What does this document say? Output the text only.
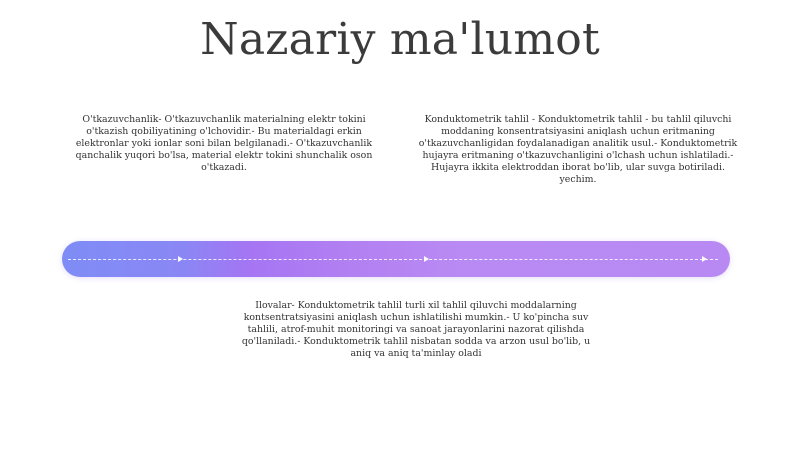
Nazariy ma'lumot
O'tkazuvchanlik- O'tkazuvchanlik materialning elektr tokini o'tkazish qobiliyatining o'lchovidir.- Bu materialdagi erkin elektronlar yoki ionlar soni bilan belgilanadi.- O'tkazuvchanlik qanchalik yuqori bo'lsa, material elektr tokini shunchalik oson o'tkazadi.
Konduktometrik tahlil - Konduktometrik tahlil - bu tahlil qiluvchi moddaning konsentratsiyasini aniqlash uchun eritmaning o'tkazuvchanligidan foydalanadigan analitik usul.- Konduktometrik hujayra eritmaning o'tkazuvchanligini o'lchash uchun ishlatiladi.- Hujayra ikkita elektroddan iborat bo'lib, ular suvga botiriladi. yechim.
Ilovalar- Konduktometrik tahlil turli xil tahlil qiluvchi moddalarning kontsentratsiyasini aniqlash uchun ishlatilishi mumkin.- U ko'pincha suv tahlili, atrof-muhit monitoringi va sanoat jarayonlarini nazorat qilishda qo'llaniladi.- Konduktometrik tahlil nisbatan sodda va arzon usul bo'lib, u aniq va aniq ta'minlay oladi
